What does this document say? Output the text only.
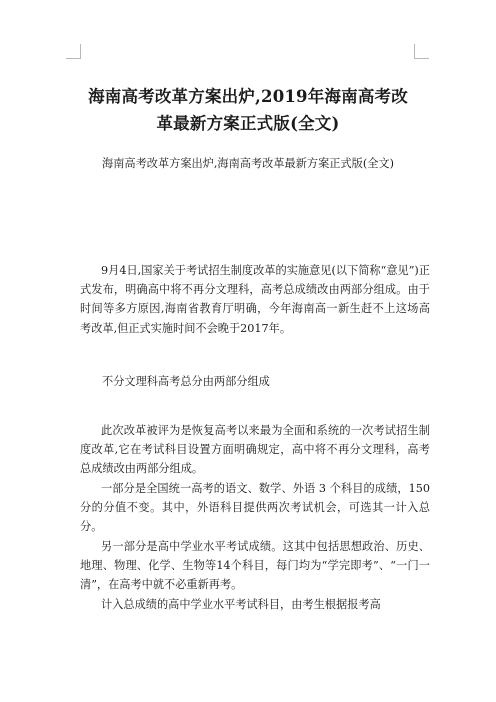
海南高考改革方案出炉,2019年海南高考改
革最新方案正式版(全文)

海南高考改革方案出炉,海南高考改革最新方案正式版(全文)

9月4日,国家关于考试招生制度改革的实施意见(以下简称“意见”)正式发布，明确高中将不再分文理科，高考总成绩改由两部分组成。由于时间等多方原因,海南省教育厅明确，今年海南高一新生赶不上这场高考改革,但正式实施时间不会晚于2017年。

不分文理科高考总分由两部分组成

此次改革被评为是恢复高考以来最为全面和系统的一次考试招生制度改革,它在考试科目设置方面明确规定，高中将不再分文理科，高考总成绩改由两部分组成。

一部分是全国统一高考的语文、数学、外语 3 个科目的成绩，150分的分值不变。其中，外语科目提供两次考试机会，可选其一计入总分。

另一部分是高中学业水平考试成绩。这其中包括思想政治、历史、地理、物理、化学、生物等14个科目，每门均为“学完即考”、“一门一清”，在高考中就不必重新再考。

计入总成绩的高中学业水平考试科目，由考生根据报考高
